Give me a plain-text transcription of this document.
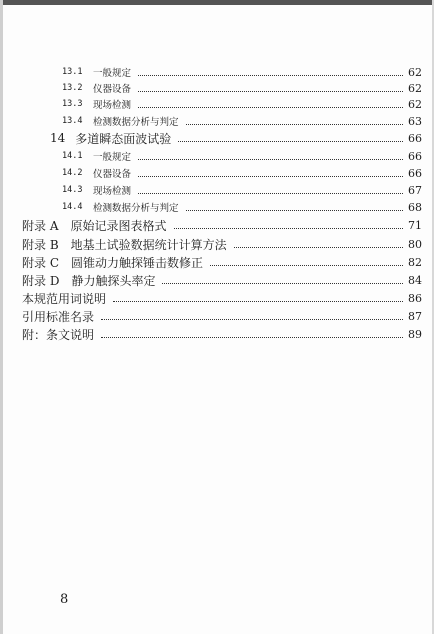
13.1	一般规定	62
13.2	仪器设备	62
13.3	现场检测	62
13.4	检测数据分析与判定	63
14 多道瞬态面波试验	66
14.1	一般规定	66
14.2	仪器设备	66
14.3	现场检测	67
14.4	检测数据分析与判定	68
附录 A 原始记录图表格式	71
附录 B 地基土试验数据统计计算方法	80
附录 C 圆锥动力触探锤击数修正	82
附录 D 静力触探头率定	84
本规范用词说明	86
引用标准名录	87
附：条文说明	89
8
